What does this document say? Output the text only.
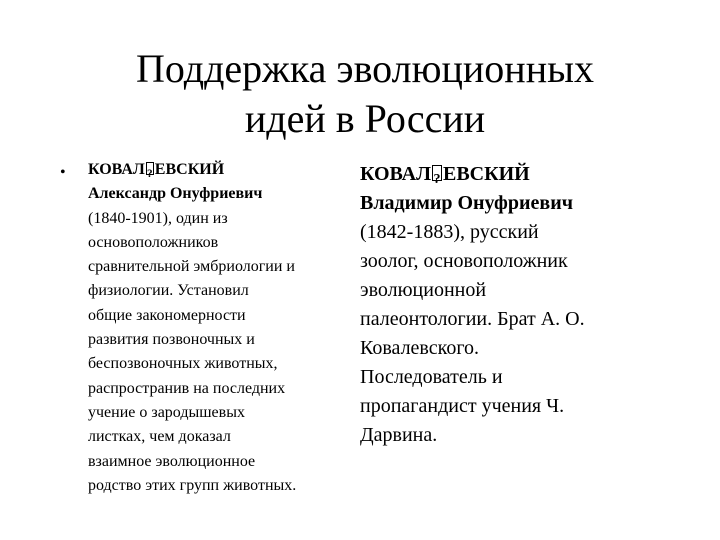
Поддержка эволюционных
идей в России
• КОВАЛ ? ЕВСКИЙ
Александр Онуфриевич
(1840-1901), один из
основоположников
сравнительной эмбриологии и
физиологии. Установил
общие закономерности
развития позвоночных и
беспозвоночных животных,
распространив на последних
учение о зародышевых
листках, чем доказал
взаимное эволюционное
родство этих групп животных.
КОВАЛ ? ЕВСКИЙ
Владимир Онуфриевич
(1842-1883), русский
зоолог, основоположник
эволюционной
палеонтологии. Брат А. О.
Ковалевского.
Последователь и
пропагандист учения Ч.
Дарвина.
